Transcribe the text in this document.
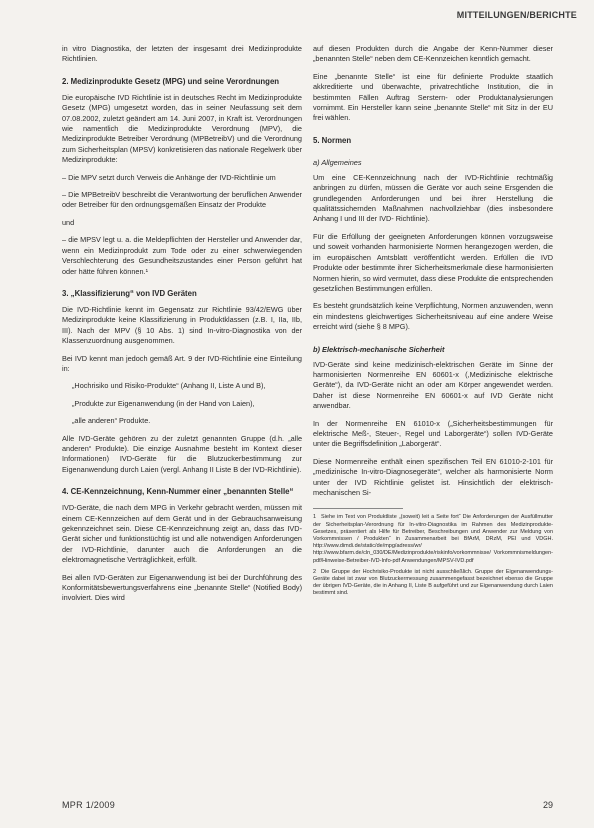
MITTEILUNGEN/BERICHTE

in vitro Diagnostika, der letzten der insgesamt drei Medizinprodukte Richtlinien.

2. Medizinprodukte Gesetz (MPG) und seine Verordnungen

Die europäische IVD Richtlinie ist in deutsches Recht im Medizinprodukte Gesetz (MPG) umgesetzt worden, das in seiner Neufassung seit dem 07.08.2002, zuletzt geändert am 14. Juni 2007, in Kraft ist. Verordnungen wie namentlich die Medizinprodukte Verordnung (MPV), die Medizinprodukte Betreiber Verordnung (MPBetreibV) und die Verordnung zum Sicherheitsplan (MPSV) konkretisieren das nationale Regelwerk über Medizinprodukte:

– Die MPV setzt durch Verweis die Anhänge der IVD-Richtlinie um

– Die MPBetreibV beschreibt die Verantwortung der beruflichen Anwender oder Betreiber für den ordnungsgemäßen Einsatz der Produkte

und

– die MPSV legt u. a. die Meldepflichten der Hersteller und Anwender dar, wenn ein Medizinprodukt zum Tode oder zu einer schwerwiegenden Verschlechterung des Gesundheitszustandes einer Person geführt hat oder hätte führen können.¹

3. „Klassifizierung“ von IVD Geräten

Die IVD-Richtlinie kennt im Gegensatz zur Richtlinie 93/42/EWG über Medizinprodukte keine Klassifizierung in Produktklassen (z.B. I, IIa, IIb, III). Nach der MPV (§ 10 Abs. 1) sind In-vitro-Diagnostika von der Klassenzuordnung ausgenommen.

Bei IVD kennt man jedoch gemäß Art. 9 der IVD-Richtlinie eine Einteilung in:

„Hochrisiko und Risiko-Produkte“ (Anhang II, Liste A und B),

„Produkte zur Eigenanwendung (in der Hand von Laien),

„alle anderen“ Produkte.

Alle IVD-Geräte gehören zu der zuletzt genannten Gruppe (d.h. „alle anderen“ Produkte). Die einzige Ausnahme besteht im Kontext dieser Informationen) IVD-Geräte für die Blutzuckerbestimmung zur Eigenanwendung durch Laien (vergl. Anhang II Liste B der IVD-Richtlinie).

4. CE-Kennzeichnung, Kenn-Nummer einer „benannten Stelle“

IVD-Geräte, die nach dem MPG in Verkehr gebracht werden, müssen mit einem CE-Kennzeichen auf dem Gerät und in der Gebrauchsanweisung gekennzeichnet sein. Diese CE-Kennzeichnung zeigt an, dass das IVD-Gerät sicher und funktionstüchtig ist und alle notwendigen Anforderungen der IVD-Richtlinie, darunter auch die Anforderungen an die elektromagnetische Verträglichkeit, erfüllt.

Bei allen IVD-Geräten zur Eigenanwendung ist bei der Durchführung des Konformitätsbewertungsverfahrens eine „benannte Stelle“ (Notified Body) involviert. Dies wird

auf diesen Produkten durch die Angabe der Kenn-Nummer dieser „benannten Stelle“ neben dem CE-Kennzeichen kenntlich gemacht.

Eine „benannte Stelle“ ist eine für definierte Produkte staatlich akkreditierte und überwachte, privatrechtliche Institution, die in bestimmten Fällen Auftrag Serstern- oder Produktanalysierungen vornimmt. Ein Hersteller kann seine „benannte Stelle“ mit Sitz in der EU frei wählen.

5. Normen
a) Allgemeines

Um eine CE-Kennzeichnung nach der IVD-Richtlinie rechtmäßig anbringen zu dürfen, müssen die Geräte vor auch seine Ersgenden die grundlegenden Anforderungen und bei ihrer Herstellung die qualitätssichernden Maßnahmen nachvollziehbar (dies insbesondere Anhang I und III der IVD- Richtlinie).

Für die Erfüllung der geeigneten Anforderungen können vorzugsweise und soweit vorhanden harmonisierte Normen herangezogen werden, die im europäischen Amtsblatt veröffentlicht werden. Erfüllen die IVD Produkte oder bestimmte ihrer Sicherheitsmerkmale diese harmonisierten Normen hierin, so wird vermutet, dass diese Produkte die entsprechenden gesetzlichen Bestimmungen erfüllen.

Es besteht grundsätzlich keine Verpflichtung, Normen anzuwenden, wenn ein mindestens gleichwertiges Sicherheitsniveau auf eine andere Weise erreicht wird (siehe § 8 MPG).

b) Elektrisch-mechanische Sicherheit

IVD-Geräte sind keine medizinisch-elektrischen Geräte im Sinne der harmonisierten Normenreihe EN 60601-x (,Medizinische elektrische Geräte“), da IVD-Geräte nicht an oder am Körper angewendet werden. Daher ist diese Normenreihe EN 60601-x auf IVD Geräte nicht anwendbar.

In der Normenreihe EN 61010-x („Sicherheitsbestimmungen für elektrische Meß-, Steuer-, Regel und Laborgeräte“) sollen IVD-Geräte unter die Begriffsdefinition „Laborgerät“.

Diese Normenreihe enthält einen spezifischen Teil EN 61010-2-101 für „medizinische In-vitro-Diagnosegeräte“, welcher als harmonisierte Norm unter der IVD Richtlinie gelistet ist. Hinsichtlich der elektrisch-mechanischen Si-

1 Siehe im Text von Produktliste „(soweit) leit a Seite fort“ Die Anforderungen der Ausfüllmutter der Sicherheitsplan-Verordnung für In-vitro-Diagnostika im Rahmen des Medizinprodukte-Gesetzes, präsentiert als Hilfe für Betreiber, Beschreibungen und Anwender zur Meldung von Vorkommnissen / Produkten“ in Zusammenarbeit bei BfArM, DRzM, PEI und VDGH. http://www.dimdi.de/static/de/mpg/adress/wr/ http://www.bfarm.de/cln_030/DE/Medizinprodukte/riskinfo/vorkommnisse/ Vorkommnismeldungen-pdf/Hinweise-Betreiber-IVD-Info-pdf Anwendungen/MPSV-IVD.pdf

2 Die Gruppe der Hochrisiko-Produkte ist nicht ausschließlich. Gruppe der Eigenanwendungs-Geräte dabei ist zwar von Blutzuckermessung zusammengefasst bezeichnet ebenso die Gruppe der übrigen IVD-Geräte, die in Anhang II, Liste B aufgeführt und zur Eigenanwendung durch Laien bestimmt sind.

MPR 1/2009	29
